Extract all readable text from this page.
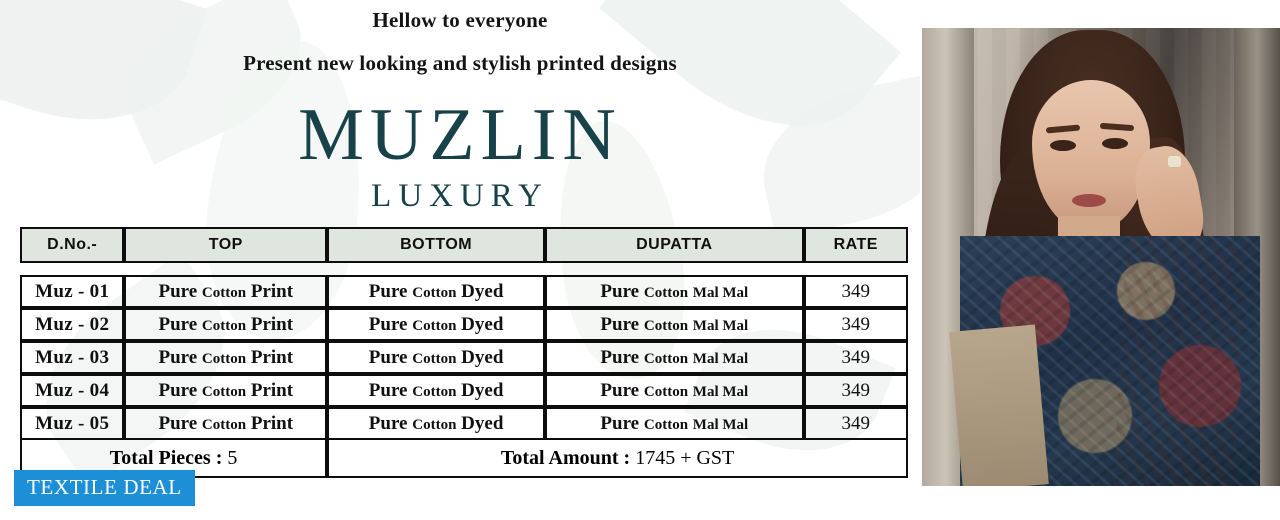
Hellow to everyone
Present new looking and stylish printed designs
MUZLIN
LUXURY
D.No.-	TOP	BOTTOM	DUPATTA	RATE

Muz - 01	Pure Cotton Print	Pure Cotton Dyed	Pure Cotton Mal Mal	349
Muz - 02	Pure Cotton Print	Pure Cotton Dyed	Pure Cotton Mal Mal	349
Muz - 03	Pure Cotton Print	Pure Cotton Dyed	Pure Cotton Mal Mal	349
Muz - 04	Pure Cotton Print	Pure Cotton Dyed	Pure Cotton Mal Mal	349
Muz - 05	Pure Cotton Print	Pure Cotton Dyed	Pure Cotton Mal Mal	349
Total Pieces : 5		Total Amount : 1745 + GST		
TEXTILE DEAL
